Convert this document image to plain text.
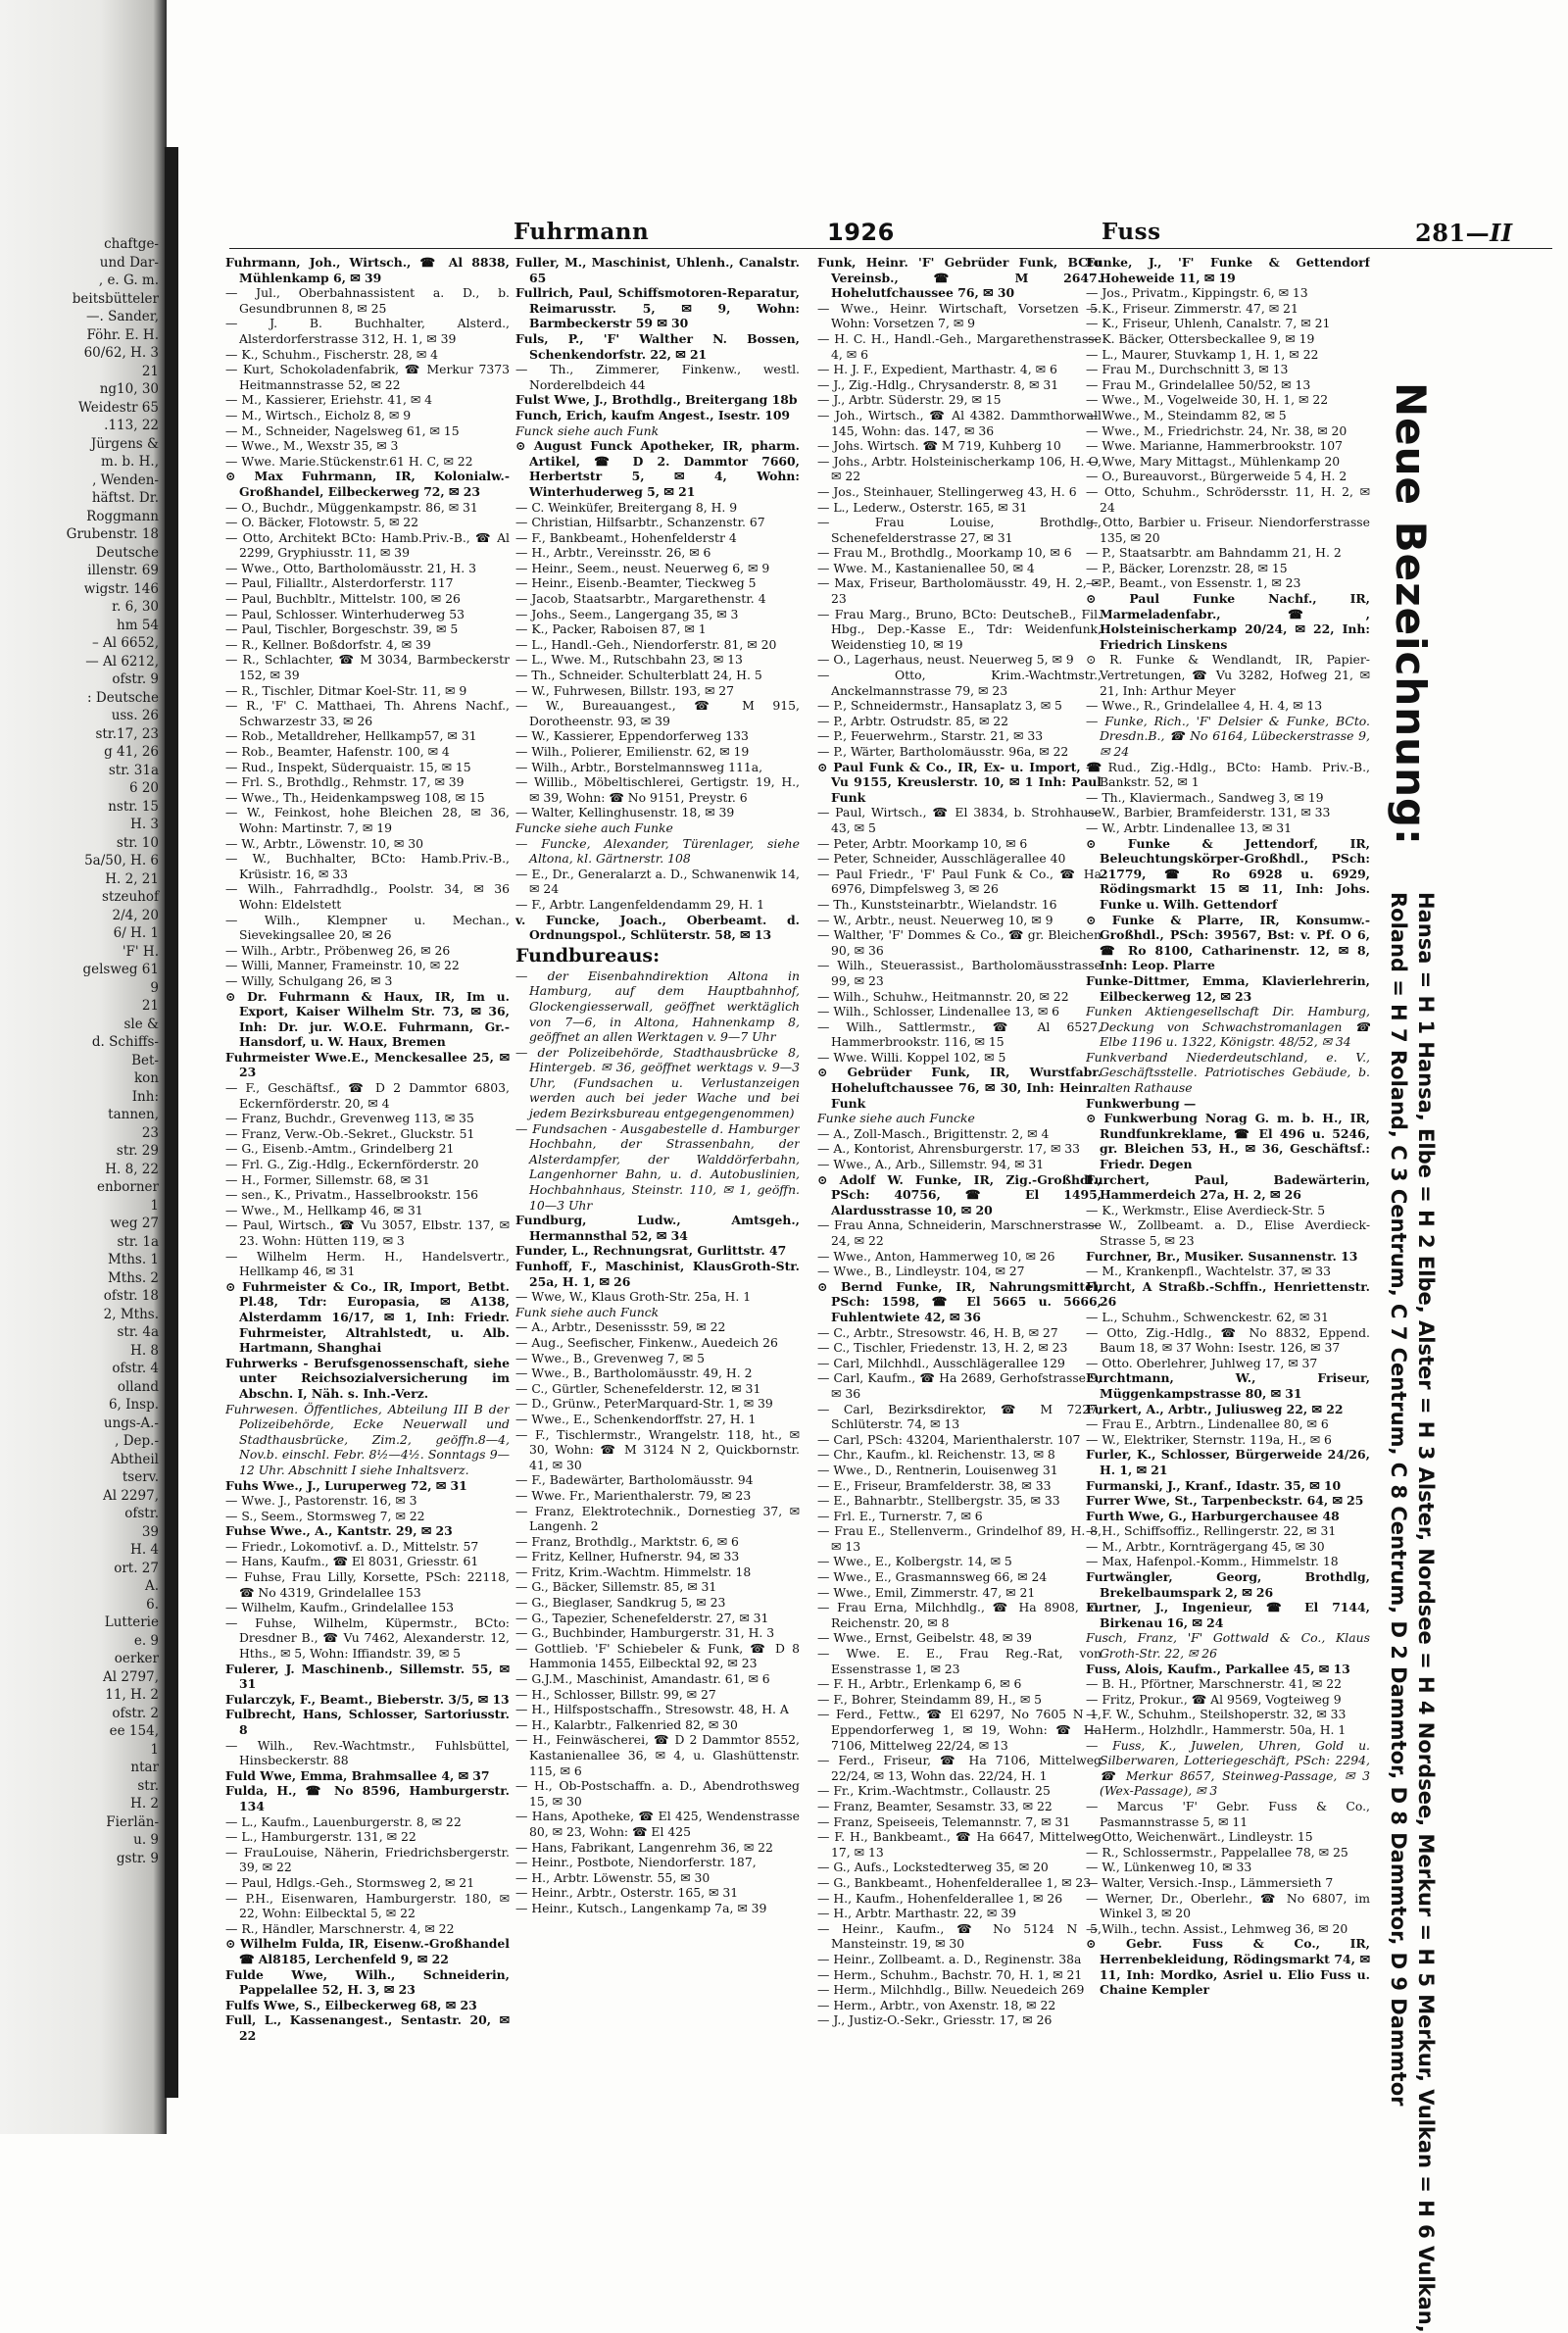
chaftge-
und Dar-
, e. G. m.
beitsbütteler
—. Sander,
Föhr. E. H.
60/62, H. 3
21
ng10, 30
Weidestr 65
.113, 22
Jürgens &
m. b. H.,
, Wenden-
häftst. Dr.
Roggmann
Grubenstr. 18
Deutsche
illenstr. 69
wigstr. 146
r. 6, 30
hm 54
– Al 6652,
— Al 6212,
ofstr. 9
: Deutsche
uss. 26
str.17, 23
g 41, 26
str. 31a
6 20
nstr. 15
H. 3
str. 10
5a/50, H. 6
H. 2, 21
stzeuhof
2/4, 20
6/ H. 1
'F' H.
gelsweg 61
9
21
sle &
d. Schiffs-
Bet-
kon
Inh:
tannen,
23
str. 29
H. 8, 22
enborner
1
weg 27
str. 1a
Mths. 1
Mths. 2
ofstr. 18
2, Mths.
str. 4a
H. 8
ofstr. 4
olland
6, Insp.
ungs-A.-
, Dep.-
Abtheil
tserv.
Al 2297,
ofstr.
39
H. 4
ort. 27
A.
6.
Lutterie
e. 9
oerker
Al 2797,
11, H. 2
ofstr. 2
ee 154,
1
ntar
str.
H. 2
Fierlän-
u. 9
gstr. 9
Fuhrmann	1926	Fuss	281—II

Fuhrmann, Joh., Wirtsch., ☎ Al 8838, Mühlenkamp 6, ✉ 39

— Jul., Oberbahnassistent a. D., b. Gesundbrunnen 8, ✉ 25

— J. B. Buchhalter, Alsterd., Alsterdorferstrasse 312, H. 1, ✉ 39

— K., Schuhm., Fischerstr. 28, ✉ 4

— Kurt, Schokoladenfabrik, ☎ Merkur 7373 Heitmannstrasse 52, ✉ 22

— M., Kassierer, Eriehstr. 41, ✉ 4

— M., Wirtsch., Eicholz 8, ✉ 9

— M., Schneider, Nagelsweg 61, ✉ 15

— Wwe., M., Wexstr 35, ✉ 3

— Wwe. Marie.Stückenstr.61 H. C, ✉ 22

⊙ Max Fuhrmann, IR, Kolonialw.-Großhandel, Eilbeckerweg 72, ✉ 23

— O., Buchdr., Müggenkampstr. 86, ✉ 31

— O. Bäcker, Flotowstr. 5, ✉ 22

— Otto, Architekt BCto: Hamb.Priv.-B., ☎ Al 2299, Gryphiusstr. 11, ✉ 39

— Wwe., Otto, Bartholomäusstr. 21, H. 3

— Paul, Filialltr., Alsterdorferstr. 117

— Paul, Buchbltr., Mittelstr. 100, ✉ 26

— Paul, Schlosser. Winterhuderweg 53

— Paul, Tischler, Borgeschstr. 39, ✉ 5

— R., Kellner. Boßdorfstr. 4, ✉ 39

— R., Schlachter, ☎ M 3034, Barmbeckerstr 152, ✉ 39

— R., Tischler, Ditmar Koel-Str. 11, ✉ 9

— R., 'F' C. Matthaei, Th. Ahrens Nachf., Schwarzestr 33, ✉ 26

— Rob., Metalldreher, Hellkamp57, ✉ 31

— Rob., Beamter, Hafenstr. 100, ✉ 4

— Rud., Inspekt, Süderquaistr. 15, ✉ 15

— Frl. S., Brothdlg., Rehmstr. 17, ✉ 39

— Wwe., Th., Heidenkampsweg 108, ✉ 15

— W., Feinkost, hohe Bleichen 28, ✉ 36, Wohn: Martinstr. 7, ✉ 19

— W., Arbtr., Löwenstr. 10, ✉ 30

— W., Buchhalter, BCto: Hamb.Priv.-B., Krüsistr. 16, ✉ 33

— Wilh., Fahrradhdlg., Poolstr. 34, ✉ 36 Wohn: Eldelstett

— Wilh., Klempner u. Mechan., Sievekingsallee 20, ✉ 26

— Wilh., Arbtr., Pröbenweg 26, ✉ 26

— Willi, Manner, Frameinstr. 10, ✉ 22

— Willy, Schulgang 26, ✉ 3

⊙ Dr. Fuhrmann & Haux, IR, Im u. Export, Kaiser Wilhelm Str. 73, ✉ 36, Inh: Dr. jur. W.O.E. Fuhrmann, Gr.-Hansdorf, u. W. Haux, Bremen

Fuhrmeister Wwe.E., Menckesallee 25, ✉ 23

— F., Geschäftsf., ☎ D 2 Dammtor 6803, Eckernförderstr. 20, ✉ 4

— Franz, Buchdr., Grevenweg 113, ✉ 35

— Franz, Verw.-Ob.-Sekret., Gluckstr. 51

— G., Eisenb.-Amtm., Grindelberg 21

— Frl. G., Zig.-Hdlg., Eckernförderstr. 20

— H., Former, Sillemstr. 68, ✉ 31

— sen., K., Privatm., Hasselbrookstr. 156

— Wwe., M., Hellkamp 46, ✉ 31

— Paul, Wirtsch., ☎ Vu 3057, Elbstr. 137, ✉ 23. Wohn: Hütten 119, ✉ 3

— Wilhelm Herm. H., Handelsvertr., Hellkamp 46, ✉ 31

⊙ Fuhrmeister & Co., IR, Import, Betbt. Pl.48, Tdr: Europasia, ✉ A138, Alsterdamm 16/17, ✉ 1, Inh: Friedr. Fuhrmeister, Altrahlstedt, u. Alb. Hartmann, Shanghai

Fuhrwerks - Berufsgenossenschaft, siehe unter Reichsozialversicherung im Abschn. I, Näh. s. Inh.-Verz.

Fuhrwesen. Öffentliches, Abteilung III B der Polizeibehörde, Ecke Neuerwall und Stadthausbrücke, Zim.2, geöffn.8—4, Nov.b. einschl. Febr. 8½—4½. Sonntags 9—12 Uhr. Abschnitt I siehe Inhaltsverz.

Fuhs Wwe., J., Luruperweg 72, ✉ 31

— Wwe. J., Pastorenstr. 16, ✉ 3

— S., Seem., Stormsweg 7, ✉ 22

Fuhse Wwe., A., Kantstr. 29, ✉ 23

— Friedr., Lokomotivf. a. D., Mittelstr. 57

— Hans, Kaufm., ☎ El 8031, Griesstr. 61

— Fuhse, Frau Lilly, Korsette, PSch: 22118, ☎ No 4319, Grindelallee 153

— Wilhelm, Kaufm., Grindelallee 153

— Fuhse, Wilhelm, Küpermstr., BCto: Dresdner B., ☎ Vu 7462, Alexanderstr. 12, Hths., ✉ 5, Wohn: Iffiandstr. 39, ✉ 5

Fulerer, J. Maschinenb., Sillemstr. 55, ✉ 31

Fularczyk, F., Beamt., Bieberstr. 3/5, ✉ 13

Fulbrecht, Hans, Schlosser, Sartoriusstr. 8

— Wilh., Rev.-Wachtmstr., Fuhlsbüttel, Hinsbeckerstr. 88

Fuld Wwe, Emma, Brahmsallee 4, ✉ 37

Fulda, H., ☎ No 8596, Hamburgerstr. 134

— L., Kaufm., Lauenburgerstr. 8, ✉ 22

— L., Hamburgerstr. 131, ✉ 22

— FrauLouise, Näherin, Friedrichsbergerstr. 39, ✉ 22

— Paul, Hdlgs.-Geh., Stormsweg 2, ✉ 21

— P.H., Eisenwaren, Hamburgerstr. 180, ✉ 22, Wohn: Eilbecktal 5, ✉ 22

— R., Händler, Marschnerstr. 4, ✉ 22

⊙ Wilhelm Fulda, IR, Eisenw.-Großhandel ☎ Al8185, Lerchenfeld 9, ✉ 22

Fulde Wwe, Wilh., Schneiderin, Pappelallee 52, H. 3, ✉ 23

Fulfs Wwe, S., Eilbeckerweg 68, ✉ 23

Full, L., Kassenangest., Sentastr. 20, ✉ 22

Fuller, M., Maschinist, Uhlenh., Canalstr. 65

Fullrich, Paul, Schiffsmotoren-Reparatur, Reimarusstr. 5, ✉ 9, Wohn: Barmbeckerstr 59 ✉ 30

Fuls, P., 'F' Walther N. Bossen, Schenkendorfstr. 22, ✉ 21

— Th., Zimmerer, Finkenw., westl. Norderelbdeich 44

Fulst Wwe, J., Brothdlg., Breitergang 18b

Funch, Erich, kaufm Angest., Isestr. 109

Funck siehe auch Funk

⊙ August Funck Apotheker, IR, pharm. Artikel, ☎ D 2. Dammtor 7660, Herbertstr 5, ✉ 4, Wohn: Winterhuderweg 5, ✉ 21

— C. Weinküfer, Breitergang 8, H. 9

— Christian, Hilfsarbtr., Schanzenstr. 67

— F., Bankbeamt., Hohenfelderstr 4

— H., Arbtr., Vereinsstr. 26, ✉ 6

— Heinr., Seem., neust. Neuerweg 6, ✉ 9

— Heinr., Eisenb.-Beamter, Tieckweg 5

— Jacob, Staatsarbtr., Margarethenstr. 4

— Johs., Seem., Langergang 35, ✉ 3

— K., Packer, Raboisen 87, ✉ 1

— L., Handl.-Geh., Niendorferstr. 81, ✉ 20

— L., Wwe. M., Rutschbahn 23, ✉ 13

— Th., Schneider. Schulterblatt 24, H. 5

— W., Fuhrwesen, Billstr. 193, ✉ 27

— W., Bureauangest., ☎ M 915, Dorotheenstr. 93, ✉ 39

— W., Kassierer, Eppendorferweg 133

— Wilh., Polierer, Emilienstr. 62, ✉ 19

— Wilh., Arbtr., Borstelmannsweg 111a,

— Willib., Möbeltischlerei, Gertigstr. 19, H., ✉ 39, Wohn: ☎ No 9151, Preystr. 6

— Walter, Kellinghusenstr. 18, ✉ 39

Funcke siehe auch Funke

— Funcke, Alexander, Türenlager, siehe Altona, kl. Gärtnerstr. 108

— E., Dr., Generalarzt a. D., Schwanenwik 14, ✉ 24

— F., Arbtr. Langenfeldendamm 29, H. 1

v. Funcke, Joach., Oberbeamt. d. Ordnungspol., Schlüterstr. 58, ✉ 13

Fundbureaus:

— der Eisenbahndirektion Altona in Hamburg, auf dem Hauptbahnhof, Glockengiesserwall, geöffnet werktäglich von 7—6, in Altona, Hahnenkamp 8, geöffnet an allen Werktagen v. 9—7 Uhr

— der Polizeibehörde, Stadthausbrücke 8, Hintergeb. ✉ 36, geöffnet werktags v. 9—3 Uhr, (Fundsachen u. Verlustanzeigen werden auch bei jeder Wache und bei jedem Bezirksbureau entgegengenommen)

— Fundsachen - Ausgabestelle d. Hamburger Hochbahn, der Strassenbahn, der Alsterdampfer, der Walddörferbahn, Langenhorner Bahn, u. d. Autobuslinien, Hochbahnhaus, Steinstr. 110, ✉ 1, geöffn. 10—3 Uhr

Fundburg, Ludw., Amtsgeh., Hermannsthal 52, ✉ 34

Funder, L., Rechnungsrat, Gurlittstr. 47

Funhoff, F., Maschinist, KlausGroth-Str. 25a, H. 1, ✉ 26

— Wwe, W., Klaus Groth-Str. 25a, H. 1

Funk siehe auch Funck

— A., Arbtr., Desenissstr. 59, ✉ 22

— Aug., Seefischer, Finkenw., Auedeich 26

— Wwe., B., Grevenweg 7, ✉ 5

— Wwe., B., Bartholomäusstr. 49, H. 2

— C., Gürtler, Schenefelderstr. 12, ✉ 31

— D., Grünw., PeterMarquard-Str. 1, ✉ 39

— Wwe., E., Schenkendorffstr. 27, H. 1

— F., Tischlermstr., Wrangelstr. 118, ht., ✉ 30, Wohn: ☎ M 3124 N 2, Quickbornstr. 41, ✉ 30

— F., Badewärter, Bartholomäusstr. 94

— Wwe. Fr., Marienthalerstr. 79, ✉ 23

— Franz, Elektrotechnik., Dornestieg 37, ✉ Langenh. 2

— Franz, Brothdlg., Marktstr. 6, ✉ 6

— Fritz, Kellner, Hufnerstr. 94, ✉ 33

— Fritz, Krim.-Wachtm. Himmelstr. 18

— G., Bäcker, Sillemstr. 85, ✉ 31

— G., Bieglaser, Sandkrug 5, ✉ 23

— G., Tapezier, Schenefelderstr. 27, ✉ 31

— G., Buchbinder, Hamburgerstr. 31, H. 3

— Gottlieb. 'F' Schiebeler & Funk, ☎ D 8 Hammonia 1455, Eilbecktal 92, ✉ 23

— G.J.M., Maschinist, Amandastr. 61, ✉ 6

— H., Schlosser, Billstr. 99, ✉ 27

— H., Hilfspostschaffn., Stresowstr. 48, H. A

— H., Kalarbtr., Falkenried 82, ✉ 30

— H., Feinwäscherei, ☎ D 2 Dammtor 8552, Kastanienallee 36, ✉ 4, u. Glashüttenstr. 115, ✉ 6

— H., Ob-Postschaffn. a. D., Abendrothsweg 15, ✉ 30

— Hans, Apotheke, ☎ El 425, Wendenstrasse 80, ✉ 23, Wohn: ☎ El 425

— Hans, Fabrikant, Langenrehm 36, ✉ 22

— Heinr., Postbote, Niendorferstr. 187,

— H., Arbtr. Löwenstr. 55, ✉ 30

— Heinr., Arbtr., Osterstr. 165, ✉ 31

— Heinr., Kutsch., Langenkamp 7a, ✉ 39

Funk, Heinr. 'F' Gebrüder Funk, BCto Vereinsb., ☎ M 2647. Hohelutfchaussee 76, ✉ 30

— Wwe., Heinr. Wirtschaft, Vorsetzen 5. Wohn: Vorsetzen 7, ✉ 9

— H. C. H., Handl.-Geh., Margarethenstrasse 4, ✉ 6

— H. J. F., Expedient, Marthastr. 4, ✉ 6

— J., Zig.-Hdlg., Chrysanderstr. 8, ✉ 31

— J., Arbtr. Süderstr. 29, ✉ 15

— Joh., Wirtsch., ☎ Al 4382. Dammthorwall 145, Wohn: das. 147, ✉ 36

— Johs. Wirtsch. ☎ M 719, Kuhberg 10

— Johs., Arbtr. Holsteinischerkamp 106, H. O, ✉ 22

— Jos., Steinhauer, Stellingerweg 43, H. 6

— L., Lederw., Osterstr. 165, ✉ 31

— Frau Louise, Brothdlg., Schenefelderstrasse 27, ✉ 31

— Frau M., Brothdlg., Moorkamp 10, ✉ 6

— Wwe. M., Kastanienallee 50, ✉ 4

— Max, Friseur, Bartholomäusstr. 49, H. 2, ✉ 23

— Frau Marg., Bruno, BCto: DeutscheB., Fil. Hbg., Dep.-Kasse E., Tdr: Weidenfunk, Weidenstieg 10, ✉ 19

— O., Lagerhaus, neust. Neuerweg 5, ✉ 9

— Otto, Krim.-Wachtmstr., Anckelmannstrasse 79, ✉ 23

— P., Schneidermstr., Hansaplatz 3, ✉ 5

— P., Arbtr. Ostrudstr. 85, ✉ 22

— P., Feuerwehrm., Starstr. 21, ✉ 33

— P., Wärter, Bartholomäusstr. 96a, ✉ 22

⊙ Paul Funk & Co., IR, Ex- u. Import, ☎ Vu 9155, Kreuslerstr. 10, ✉ 1 Inh: Paul Funk

— Paul, Wirtsch., ☎ El 3834, b. Strohhause 43, ✉ 5

— Peter, Arbtr. Moorkamp 10, ✉ 6

— Peter, Schneider, Ausschlägerallee 40

— Paul Friedr., 'F' Paul Funk & Co., ☎ Ha 6976, Dimpfelsweg 3, ✉ 26

— Th., Kunststeinarbtr., Wielandstr. 16

— W., Arbtr., neust. Neuerweg 10, ✉ 9

— Walther, 'F' Dommes & Co., ☎ gr. Bleichen 90, ✉ 36

— Wilh., Steuerassist., Bartholomäusstrasse 99, ✉ 23

— Wilh., Schuhw., Heitmannstr. 20, ✉ 22

— Wilh., Schlosser, Lindenallee 13, ✉ 6

— Wilh., Sattlermstr., ☎ Al 6527, Hammerbrookstr. 116, ✉ 15

— Wwe. Willi. Koppel 102, ✉ 5

⊙ Gebrüder Funk, IR, Wurstfabr. Hoheluftchaussee 76, ✉ 30, Inh: Heinr. Funk

Funke siehe auch Funcke

— A., Zoll-Masch., Brigittenstr. 2, ✉ 4

— A., Kontorist, Ahrensburgerstr. 17, ✉ 33

— Wwe., A., Arb., Sillemstr. 94, ✉ 31

⊙ Adolf W. Funke, IR, Zig.-Großhdl., PSch: 40756, ☎ El 1495, Alardusstrasse 10, ✉ 20

— Frau Anna, Schneiderin, Marschnerstrasse 24, ✉ 22

— Wwe., Anton, Hammerweg 10, ✉ 26

— Wwe., B., Lindleystr. 104, ✉ 27

⊙ Bernd Funke, IR, Nahrungsmittel, PSch: 1598, ☎ El 5665 u. 5666, Fuhlentwiete 42, ✉ 36

— C., Arbtr., Stresowstr. 46, H. B, ✉ 27

— C., Tischler, Friedenstr. 13, H. 2, ✉ 23

— Carl, Milchhdl., Ausschlägerallee 129

— Carl, Kaufm., ☎ Ha 2689, Gerhofstrasse 9, ✉ 36

— Carl, Bezirksdirektor, ☎ M 7227, Schlüterstr. 74, ✉ 13

— Carl, PSch: 43204, Marienthalerstr. 107

— Chr., Kaufm., kl. Reichenstr. 13, ✉ 8

— Wwe., D., Rentnerin, Louisenweg 31

— E., Friseur, Bramfelderstr. 38, ✉ 33

— E., Bahnarbtr., Stellbergstr. 35, ✉ 33

— Frl. E., Turnerstr. 7, ✉ 6

— Frau E., Stellenverm., Grindelhof 89, H. 8, ✉ 13

— Wwe., E., Kolbergstr. 14, ✉ 5

— Wwe., E., Grasmannsweg 66, ✉ 24

— Wwe., Emil, Zimmerstr. 47, ✉ 21

— Frau Erna, Milchhdlg., ☎ Ha 8908, kl. Reichenstr. 20, ✉ 8

— Wwe., Ernst, Geibelstr. 48, ✉ 39

— Wwe. E. E., Frau Reg.-Rat, von Essenstrasse 1, ✉ 23

— F. H., Arbtr., Erlenkamp 6, ✉ 6

— F., Bohrer, Steindamm 89, H., ✉ 5

— Ferd., Fettw., ☎ El 6297, No 7605 N 1, Eppendorferweg 1, ✉ 19, Wohn: ☎ Ha 7106, Mittelweg 22/24, ✉ 13

— Ferd., Friseur, ☎ Ha 7106, Mittelweg 22/24, ✉ 13, Wohn das. 22/24, H. 1

— Fr., Krim.-Wachtmstr., Collaustr. 25

— Franz, Beamter, Sesamstr. 33, ✉ 22

— Franz, Speiseeis, Telemannstr. 7, ✉ 31

— F. H., Bankbeamt., ☎ Ha 6647, Mittelweg 17, ✉ 13

— G., Aufs., Lockstedterweg 35, ✉ 20

— G., Bankbeamt., Hohenfelderallee 1, ✉ 23

— H., Kaufm., Hohenfelderallee 1, ✉ 26

— H., Arbtr. Marthastr. 22, ✉ 39

— Heinr., Kaufm., ☎ No 5124 N 5, Mansteinstr. 19, ✉ 30

— Heinr., Zollbeamt. a. D., Reginenstr. 38a

— Herm., Schuhm., Bachstr. 70, H. 1, ✉ 21

— Herm., Milchhdlg., Billw. Neuedeich 269

— Herm., Arbtr., von Axenstr. 18, ✉ 22

— J., Justiz-O.-Sekr., Griesstr. 17, ✉ 26

Funke, J., 'F' Funke & Gettendorf Hoheweide 11, ✉ 19

— Jos., Privatm., Kippingstr. 6, ✉ 13

— K., Friseur. Zimmerstr. 47, ✉ 21

— K., Friseur, Uhlenh, Canalstr. 7, ✉ 21

— K. Bäcker, Ottersbeckallee 9, ✉ 19

— L., Maurer, Stuvkamp 1, H. 1, ✉ 22

— Frau M., Durchschnitt 3, ✉ 13

— Frau M., Grindelallee 50/52, ✉ 13

— Wwe., M., Vogelweide 30, H. 1, ✉ 22

— Wwe., M., Steindamm 82, ✉ 5

— Wwe., M., Friedrichstr. 24, Nr. 38, ✉ 20

— Wwe. Marianne, Hammerbrookstr. 107

— Wwe, Mary Mittagst., Mühlenkamp 20

— O., Bureauvorst., Bürgerweide 5 4, H. 2

— Otto, Schuhm., Schrödersstr. 11, H. 2, ✉ 24

— Otto, Barbier u. Friseur. Niendorferstrasse 135, ✉ 20

— P., Staatsarbtr. am Bahndamm 21, H. 2

— P., Bäcker, Lorenzstr. 28, ✉ 15

— P., Beamt., von Essenstr. 1, ✉ 23

⊙ Paul Funke Nachf., IR, Marmeladenfabr., ☎, Holsteinischerkamp 20/24, ✉ 22, Inh: Friedrich Linskens

⊙ R. Funke & Wendlandt, IR, Papier-Vertretungen, ☎ Vu 3282, Hofweg 21, ✉ 21, Inh: Arthur Meyer

— Wwe., R., Grindelallee 4, H. 4, ✉ 13

— Funke, Rich., 'F' Delsier & Funke, BCto. Dresdn.B., ☎ No 6164, Lübeckerstrasse 9, ✉ 24

— Rud., Zig.-Hdlg., BCto: Hamb. Priv.-B., Bankstr. 52, ✉ 1

— Th., Klaviermach., Sandweg 3, ✉ 19

— W., Barbier, Bramfeiderstr. 131, ✉ 33

— W., Arbtr. Lindenallee 13, ✉ 31

⊙ Funke & Jettendorf, IR, Beleuchtungskörper-Großhdl., PSch: 21779, ☎ Ro 6928 u. 6929, Rödingsmarkt 15 ✉ 11, Inh: Johs. Funke u. Wilh. Gettendorf

⊙ Funke & Plarre, IR, Konsumw.-Großhdl., PSch: 39567, Bst: v. Pf. O 6, ☎ Ro 8100, Catharinenstr. 12, ✉ 8, Inh: Leop. Plarre

Funke-Dittmer, Emma, Klavierlehrerin, Eilbeckerweg 12, ✉ 23

Funken Aktiengesellschaft Dir. Hamburg, Deckung von Schwachstromanlagen ☎ Elbe 1196 u. 1322, Königstr. 48/52, ✉ 34

Funkverband Niederdeutschland, e. V., Geschäftsstelle. Patriotisches Gebäude, b. alten Rathause

Funkwerbung —

⊙ Funkwerbung Norag G. m. b. H., IR, Rundfunkreklame, ☎ El 496 u. 5246, gr. Bleichen 53, H., ✉ 36, Geschäftsf.: Friedr. Degen

Furchert, Paul, Badewärterin, Hammerdeich 27a, H. 2, ✉ 26

— K., Werkmstr., Elise Averdieck-Str. 5

— W., Zollbeamt. a. D., Elise Averdieck-Strasse 5, ✉ 23

Furchner, Br., Musiker. Susannenstr. 13

— M., Krankenpfl., Wachtelstr. 37, ✉ 33

Furcht, A Straßb.-Schffn., Henriettenstr. 26

— L., Schuhm., Schwenckestr. 62, ✉ 31

— Otto, Zig.-Hdlg., ☎ No 8832, Eppend. Baum 18, ✉ 37 Wohn: Isestr. 126, ✉ 37

— Otto. Oberlehrer, Juhlweg 17, ✉ 37

Furchtmann, W., Friseur, Müggenkampstrasse 80, ✉ 31

Furkert, A., Arbtr., Juliusweg 22, ✉ 22

— Frau E., Arbtrn., Lindenallee 80, ✉ 6

— W., Elektriker, Sternstr. 119a, H., ✉ 6

Furler, K., Schlosser, Bürgerweide 24/26, H. 1, ✉ 21

Furmanski, J., Kranf., Idastr. 35, ✉ 10

Furrer Wwe, St., Tarpenbeckstr. 64, ✉ 25

Furth Wwe, G., Harburgerchausee 48

— H., Schiffsoffiz., Rellingerstr. 22, ✉ 31

— M., Arbtr., Kornträgergang 45, ✉ 30

— Max, Hafenpol.-Komm., Himmelstr. 18

Furtwängler, Georg, Brothdlg, Brekelbaumspark 2, ✉ 26

Furtner, J., Ingenieur, ☎ El 7144, Birkenau 16, ✉ 24

Fusch, Franz, 'F' Gottwald & Co., Klaus Groth-Str. 22, ✉ 26

Fuss, Alois, Kaufm., Parkallee 45, ✉ 13

— B. H., Pförtner, Marschnerstr. 41, ✉ 22

— Fritz, Prokur., ☎ Al 9569, Vogteiweg 9

— F. W., Schuhm., Steilshoperstr. 32, ✉ 33

— Herm., Holzhdlr., Hammerstr. 50a, H. 1

— Fuss, K., Juwelen, Uhren, Gold u. Silberwaren, Lotteriegeschäft, PSch: 2294, ☎ Merkur 8657, Steinweg-Passage, ✉ 3 (Wex-Passage), ✉ 3

— Marcus 'F' Gebr. Fuss & Co., Pasmannstrasse 5, ✉ 11

— Otto, Weichenwärt., Lindleystr. 15

— R., Schlossermstr., Pappelallee 78, ✉ 25

— W., Lünkenweg 10, ✉ 33

— Walter, Versich.-Insp., Lämmersieth 7

— Werner, Dr., Oberlehr., ☎ No 6807, im Winkel 3, ✉ 20

— Wilh., techn. Assist., Lehmweg 36, ✉ 20

⊙ Gebr. Fuss & Co., IR, Herrenbekleidung, Rödingsmarkt 74, ✉ 11, Inh: Mordko, Asriel u. Elio Fuss u. Chaine Kempler

Neue Bezeichnung:
Hansa = H 1 Hansa, Elbe = H 2 Elbe, Alster = H 3 Alster, Nordsee = H 4 Nordsee, Merkur = H 5 Merkur, Vulkan = H 6 Vulkan,
Roland = H 7 Roland, C 3 Centrum, C 7 Centrum, C 8 Centrum, D 2 Dammtor, D 8 Dammtor, D 9 Dammtor
